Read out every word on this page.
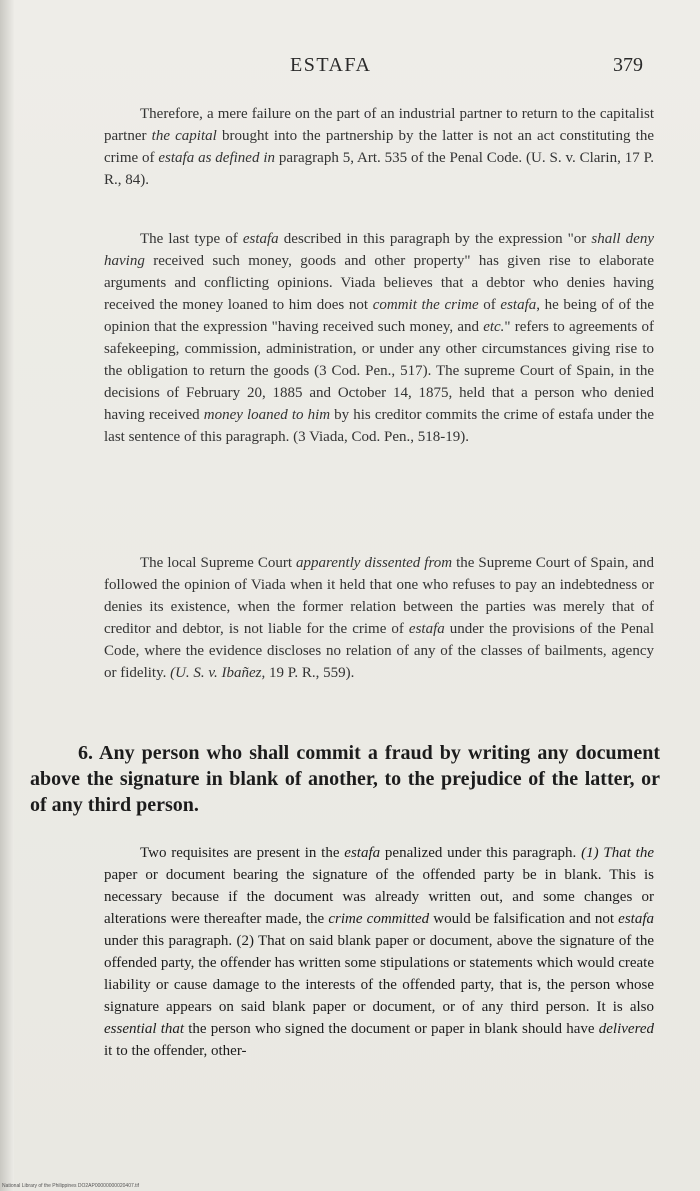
ESTAFA	379

Therefore, a mere failure on the part of an industrial partner to return to the capitalist partner the capital brought into the partnership by the latter is not an act constituting the crime of estafa as defined in paragraph 5, Art. 535 of the Penal Code. (U. S. v. Clarin, 17 P. R., 84).

The last type of estafa described in this paragraph by the expression "or shall deny having received such money, goods and other property" has given rise to elaborate arguments and conflicting opinions. Viada believes that a debtor who denies having received the money loaned to him does not commit the crime of estafa, he being of of the opinion that the expression "having received such money, and etc." refers to agreements of safekeeping, commission, administration, or under any other circumstances giving rise to the obligation to return the goods (3 Cod. Pen., 517). The supreme Court of Spain, in the decisions of February 20, 1885 and October 14, 1875, held that a person who denied having received money loaned to him by his creditor commits the crime of estafa under the last sentence of this paragraph. (3 Viada, Cod. Pen., 518-19).

The local Supreme Court apparently dissented from the Supreme Court of Spain, and followed the opinion of Viada when it held that one who refuses to pay an indebtedness or denies its existence, when the former relation between the parties was merely that of creditor and debtor, is not liable for the crime of estafa under the provisions of the Penal Code, where the evidence discloses no relation of any of the classes of bailments, agency or fidelity. (U. S. v. Ibañez, 19 P. R., 559).

6. Any person who shall commit a fraud by writing any document above the signature in blank of another, to the prejudice of the latter, or of any third person.

Two requisites are present in the estafa penalized under this paragraph. (1) That the paper or document bearing the signature of the offended party be in blank. This is necessary because if the document was already written out, and some changes or alterations were thereafter made, the crime committed would be falsification and not estafa under this paragraph. (2) That on said blank paper or document, above the signature of the offended party, the offender has written some stipulations or statements which would create liability or cause damage to the interests of the offended party, that is, the person whose signature appears on said blank paper or document, or of any third person. It is also essential that the person who signed the document or paper in blank should have delivered it to the offender, other-

National Library of the Philippines DO2AP00000000020407.tif
